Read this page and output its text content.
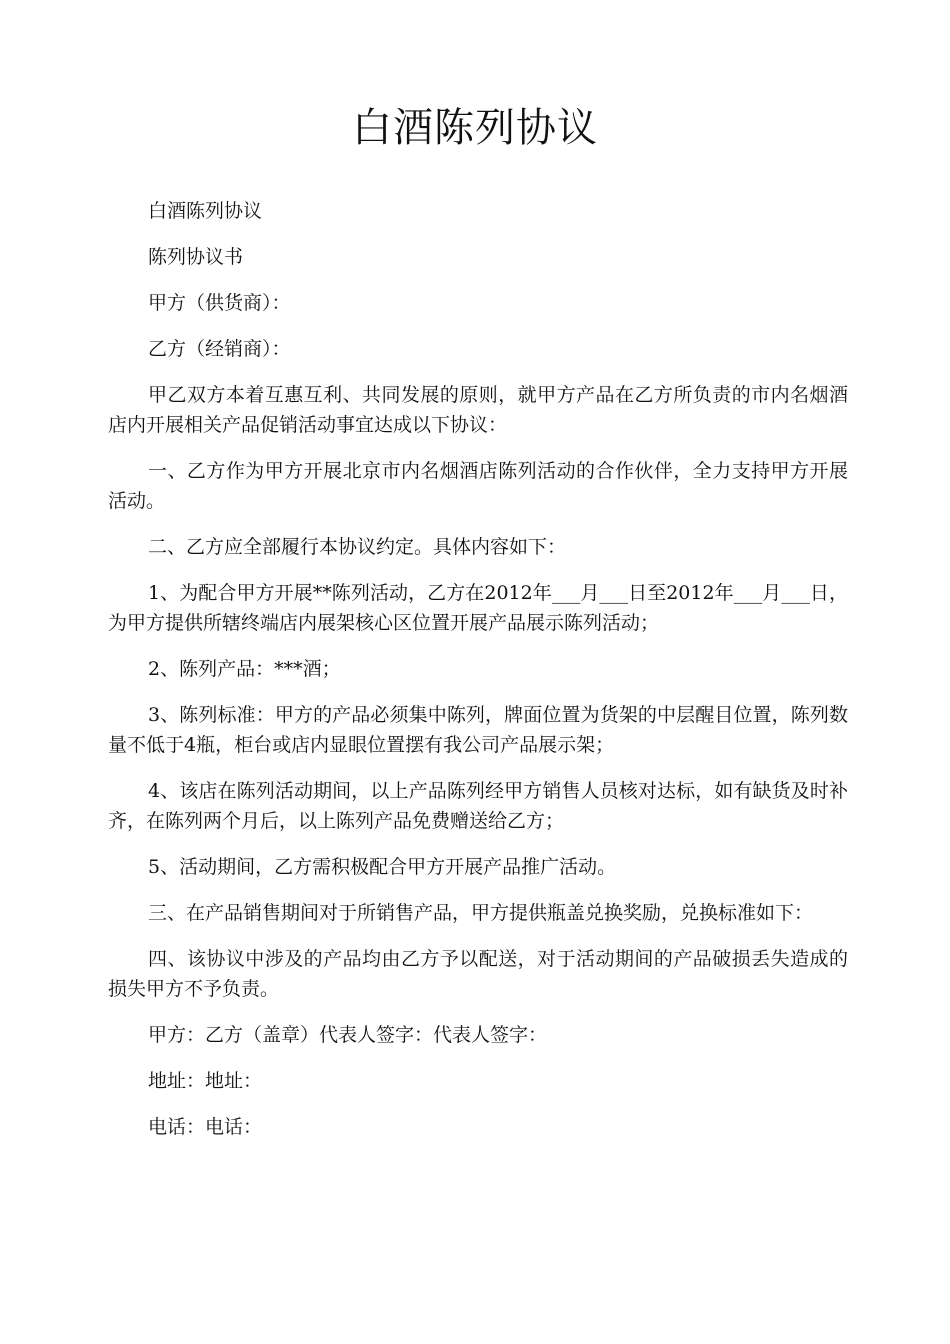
白酒陈列协议

白酒陈列协议

陈列协议书

甲方（供货商）：

乙方（经销商）：

甲乙双方本着互惠互利、共同发展的原则，就甲方产品在乙方所负责的市内名烟酒店内开展相关产品促销活动事宜达成以下协议：

一、乙方作为甲方开展北京市内名烟酒店陈列活动的合作伙伴，全力支持甲方开展活动。

二、乙方应全部履行本协议约定。具体内容如下：

1、为配合甲方开展**陈列活动，乙方在2012年___月___日至2012年___月___日，为甲方提供所辖终端店内展架核心区位置开展产品展示陈列活动；

2、陈列产品：***酒；

3、陈列标准：甲方的产品必须集中陈列，牌面位置为货架的中层醒目位置，陈列数量不低于4瓶，柜台或店内显眼位置摆有我公司产品展示架；

4、该店在陈列活动期间，以上产品陈列经甲方销售人员核对达标，如有缺货及时补齐，在陈列两个月后，以上陈列产品免费赠送给乙方；

5、活动期间，乙方需积极配合甲方开展产品推广活动。

三、在产品销售期间对于所销售产品，甲方提供瓶盖兑换奖励，兑换标准如下：

四、该协议中涉及的产品均由乙方予以配送，对于活动期间的产品破损丢失造成的损失甲方不予负责。

甲方：乙方（盖章）代表人签字：代表人签字：

地址：地址：

电话：电话：
